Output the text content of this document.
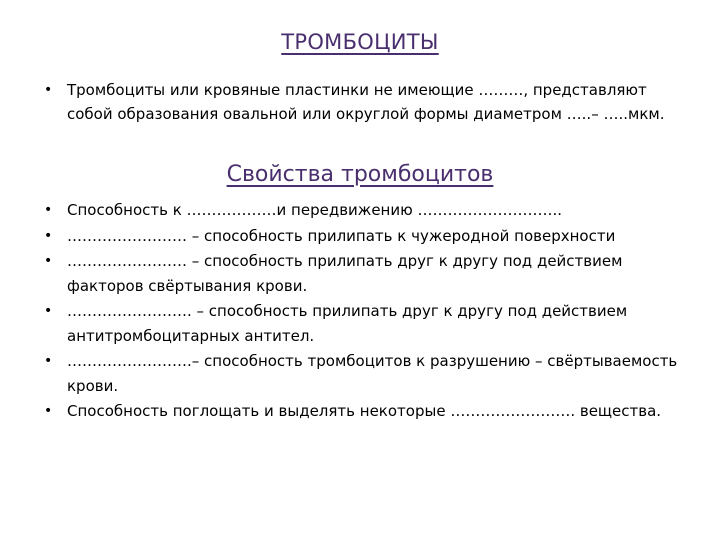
ТРОМБОЦИТЫ
• Тромбоциты или кровяные пластинки не имеющие ………, представляют собой образования овальной или округлой формы диаметром …..– …..мкм.
Свойства тромбоцитов
• Способность к ………………и передвижению ………………………..
• …………………… – способность прилипать к чужеродной поверхности
• …………………… – способность прилипать друг к другу под действием факторов свёртывания крови.
• ……………………. – способность прилипать друг к другу под действием антитромбоцитарных антител.
• …………………….– способность тромбоцитов к разрушению – свёртываемость крови.
• Способность поглощать и выделять некоторые ……………………. вещества.
